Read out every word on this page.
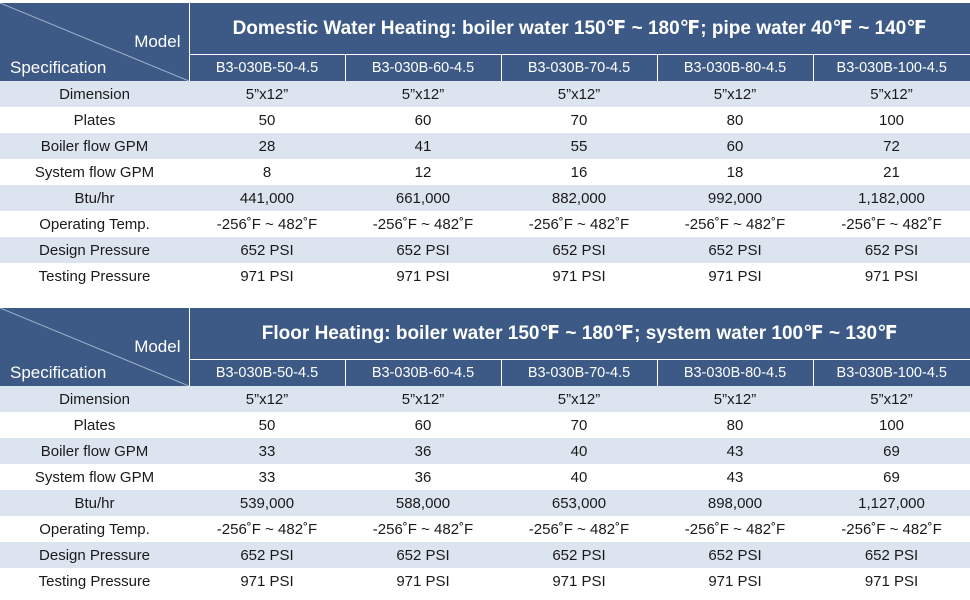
Model
Specification	Domestic Water Heating: boiler water 150℉ ~ 180℉; pipe water 40℉ ~ 140℉				
	B3-030B-50-4.5	B3-030B-60-4.5	B3-030B-70-4.5	B3-030B-80-4.5	B3-030B-100-4.5
Dimension	5”x12”	5”x12”	5”x12”	5”x12”	5”x12”
Plates	50	60	70	80	100
Boiler flow GPM	28	41	55	60	72
System flow GPM	8	12	16	18	21
Btu/hr	441,000	661,000	882,000	992,000	1,182,000
Operating Temp.	-256˚F ~ 482˚F	-256˚F ~ 482˚F	-256˚F ~ 482˚F	-256˚F ~ 482˚F	-256˚F ~ 482˚F
Design Pressure	652 PSI	652 PSI	652 PSI	652 PSI	652 PSI
Testing Pressure	971 PSI	971 PSI	971 PSI	971 PSI	971 PSI
Model
Specification	Floor Heating: boiler water 150℉ ~ 180℉; system water 100℉ ~ 130℉				
	B3-030B-50-4.5	B3-030B-60-4.5	B3-030B-70-4.5	B3-030B-80-4.5	B3-030B-100-4.5
Dimension	5”x12”	5”x12”	5”x12”	5”x12”	5”x12”
Plates	50	60	70	80	100
Boiler flow GPM	33	36	40	43	69
System flow GPM	33	36	40	43	69
Btu/hr	539,000	588,000	653,000	898,000	1,127,000
Operating Temp.	-256˚F ~ 482˚F	-256˚F ~ 482˚F	-256˚F ~ 482˚F	-256˚F ~ 482˚F	-256˚F ~ 482˚F
Design Pressure	652 PSI	652 PSI	652 PSI	652 PSI	652 PSI
Testing Pressure	971 PSI	971 PSI	971 PSI	971 PSI	971 PSI
